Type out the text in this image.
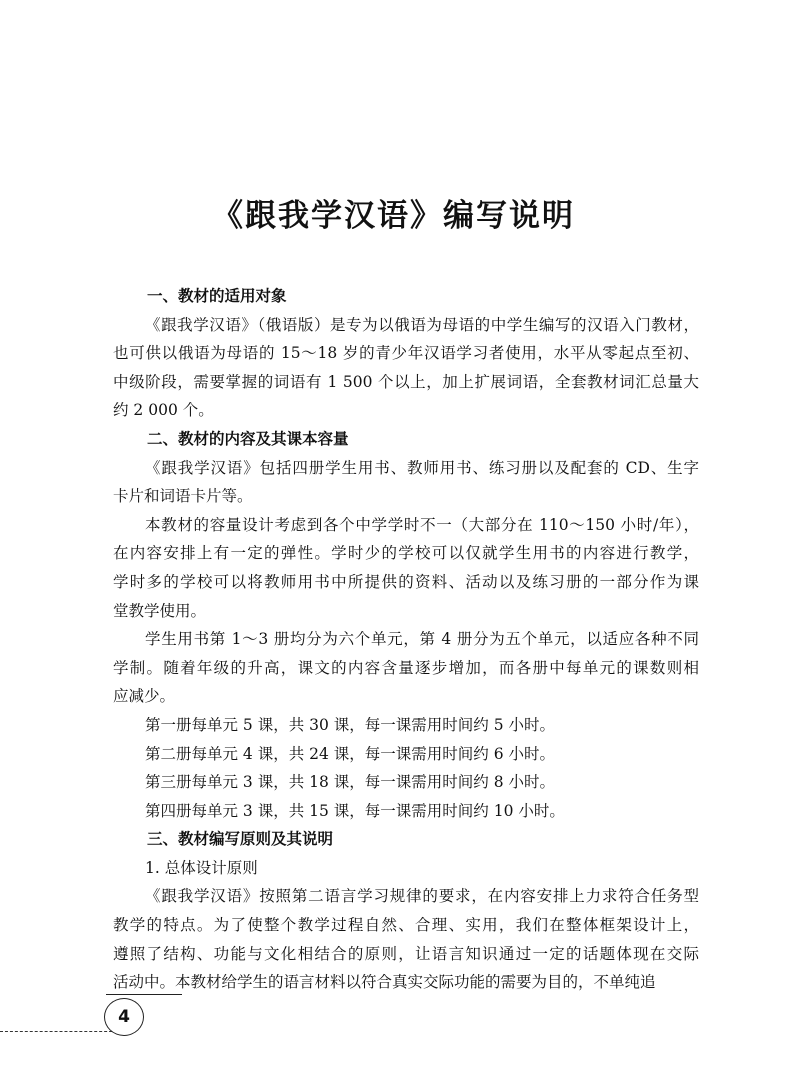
《跟我学汉语》编写说明
一、教材的适用对象
《跟我学汉语》（俄语版）是专为以俄语为母语的中学生编写的汉语入门教材，
也可供以俄语为母语的 15～18 岁的青少年汉语学习者使用，水平从零起点至初、
中级阶段，需要掌握的词语有 1 500 个以上，加上扩展词语，全套教材词汇总量大
约 2 000 个。
二、教材的内容及其课本容量
《跟我学汉语》包括四册学生用书、教师用书、练习册以及配套的 CD、生字
卡片和词语卡片等。
本教材的容量设计考虑到各个中学学时不一（大部分在 110～150 小时/年），
在内容安排上有一定的弹性。学时少的学校可以仅就学生用书的内容进行教学，
学时多的学校可以将教师用书中所提供的资料、活动以及练习册的一部分作为课
堂教学使用。
学生用书第 1～3 册均分为六个单元，第 4 册分为五个单元，以适应各种不同
学制。随着年级的升高，课文的内容含量逐步增加，而各册中每单元的课数则相
应减少。
第一册每单元 5 课，共 30 课，每一课需用时间约 5 小时。
第二册每单元 4 课，共 24 课，每一课需用时间约 6 小时。
第三册每单元 3 课，共 18 课，每一课需用时间约 8 小时。
第四册每单元 3 课，共 15 课，每一课需用时间约 10 小时。
三、教材编写原则及其说明
1. 总体设计原则
《跟我学汉语》按照第二语言学习规律的要求，在内容安排上力求符合任务型
教学的特点。为了使整个教学过程自然、合理、实用，我们在整体框架设计上，
遵照了结构、功能与文化相结合的原则，让语言知识通过一定的话题体现在交际
活动中。本教材给学生的语言材料以符合真实交际功能的需要为目的，不单纯追
4
